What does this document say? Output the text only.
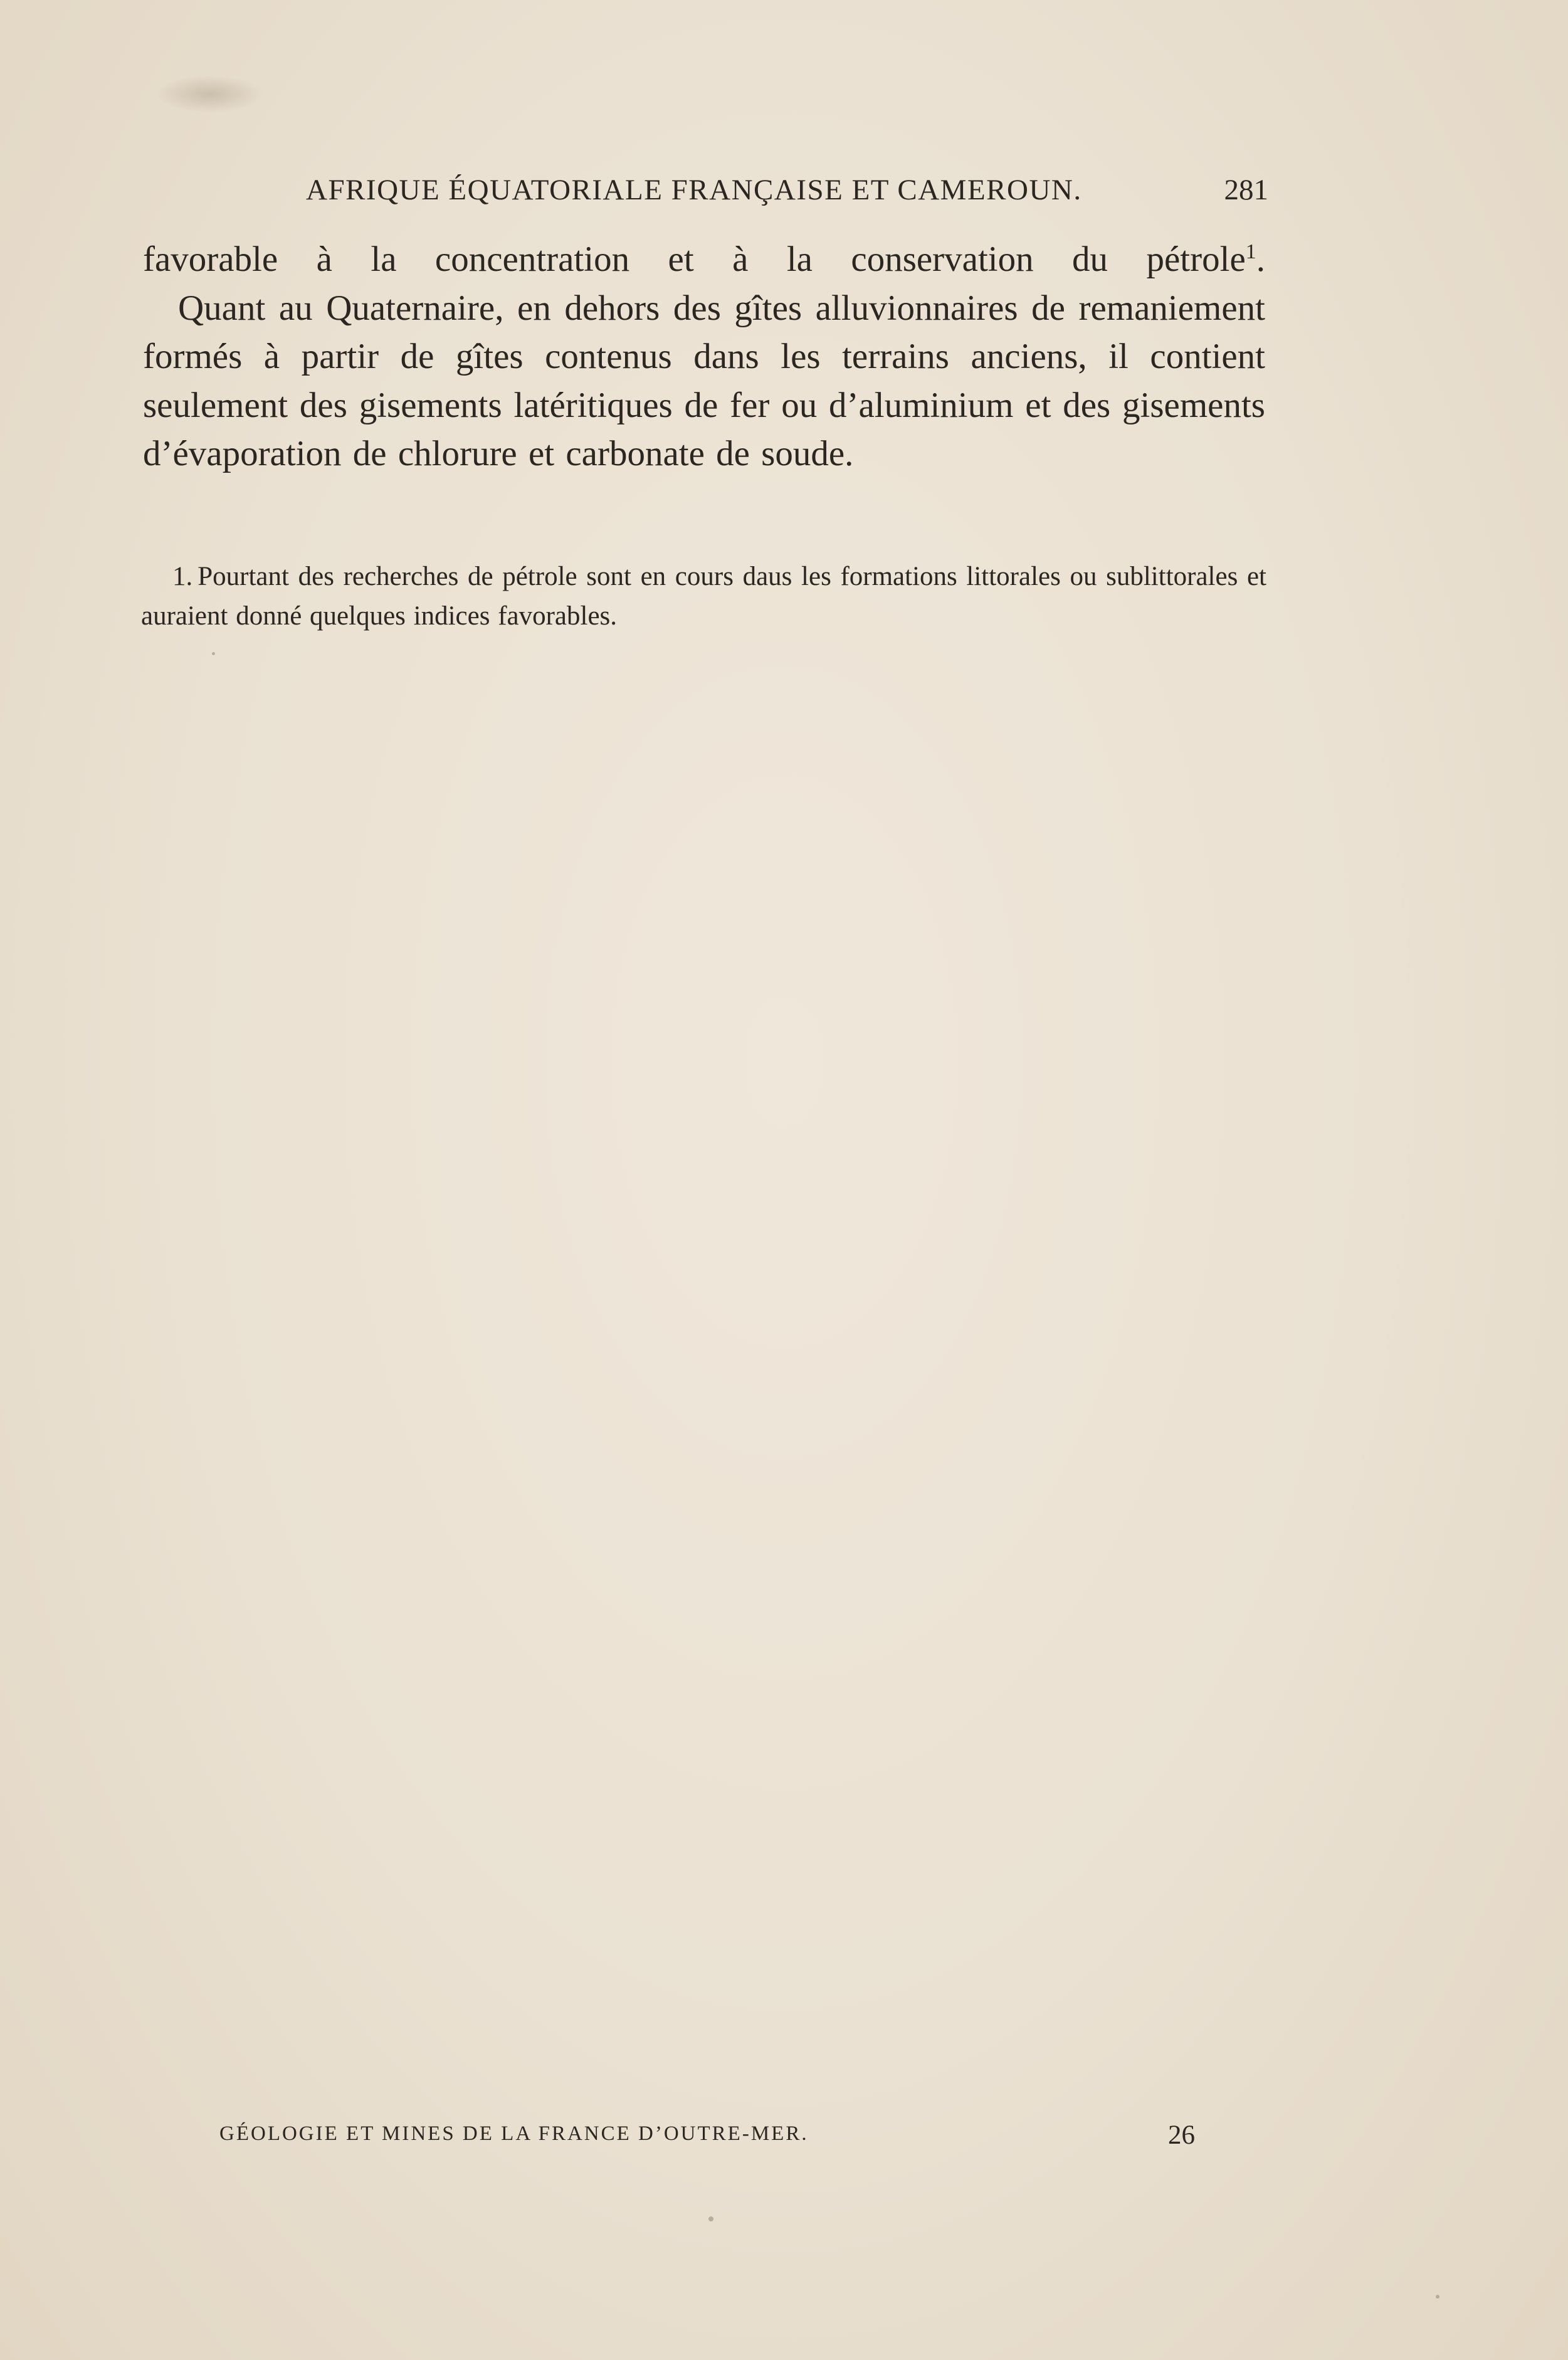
AFRIQUE ÉQUATORIALE FRANÇAISE ET CAMEROUN.	281

favorable à la concentration et à la conservation du pétrole$^1$.

Quant au Quaternaire, en dehors des gîtes alluvionnaires de remaniement formés à partir de gîtes contenus dans les terrains anciens, il contient seulement des gisements latéritiques de fer ou d’aluminium et des gisements d’évaporation de chlorure et carbonate de soude.

1. Pourtant des recherches de pétrole sont en cours daus les formations littorales ou sublittorales et auraient donné quelques indices favorables.
GÉOLOGIE ET MINES DE LA FRANCE D’OUTRE-MER.	26
